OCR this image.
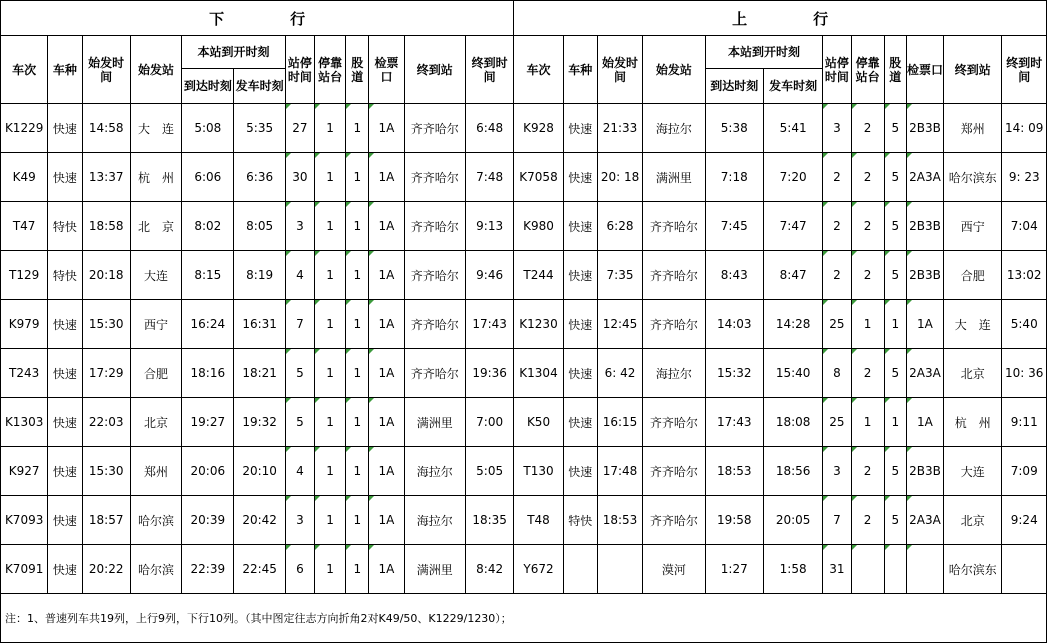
下 行												上 行											
车次	车种	始发时间	始发站	本站到开时刻		站停时间	停靠站台	股道	检票口	终到站	终到时间	车次	车种	始发时间	始发站	本站到开时刻		站停时间	停靠站台	股道	检票口	终到站	终到时间
				到达时刻	发车时刻											到达时刻	发车时刻						
K1229	快速	14:58	大　连	5:08	5:35	27	1	1	1A	齐齐哈尔	6:48	K928	快速	21:33	海拉尔	5:38	5:41	3	2	5	2B3B	郑州	14: 09
K49	快速	13:37	杭　州	6:06	6:36	30	1	1	1A	齐齐哈尔	7:48	K7058	快速	20: 18	满洲里	7:18	7:20	2	2	5	2A3A	哈尔滨东	9: 23
T47	特快	18:58	北　京	8:02	8:05	3	1	1	1A	齐齐哈尔	9:13	K980	快速	6:28	齐齐哈尔	7:45	7:47	2	2	5	2B3B	西宁	7:04
T129	特快	20:18	大连	8:15	8:19	4	1	1	1A	齐齐哈尔	9:46	T244	快速	7:35	齐齐哈尔	8:43	8:47	2	2	5	2B3B	合肥	13:02
K979	快速	15:30	西宁	16:24	16:31	7	1	1	1A	齐齐哈尔	17:43	K1230	快速	12:45	齐齐哈尔	14:03	14:28	25	1	1	1A	大　连	5:40
T243	快速	17:29	合肥	18:16	18:21	5	1	1	1A	齐齐哈尔	19:36	K1304	快速	6: 42	海拉尔	15:32	15:40	8	2	5	2A3A	北京	10: 36
K1303	快速	22:03	北京	19:27	19:32	5	1	1	1A	满洲里	7:00	K50	快速	16:15	齐齐哈尔	17:43	18:08	25	1	1	1A	杭　州	9:11
K927	快速	15:30	郑州	20:06	20:10	4	1	1	1A	海拉尔	5:05	T130	快速	17:48	齐齐哈尔	18:53	18:56	3	2	5	2B3B	大连	7:09
K7093	快速	18:57	哈尔滨	20:39	20:42	3	1	1	1A	海拉尔	18:35	T48	特快	18:53	齐齐哈尔	19:58	20:05	7	2	5	2A3A	北京	9:24
K7091	快速	20:22	哈尔滨	22:39	22:45	6	1	1	1A	满洲里	8:42	Y672			漠河	1:27	1:58	31				哈尔滨东	
注：1、普速列车共19列，上行9列，下行10列。（其中图定往志方向折角2对K49/50、K1229/1230）；																							
